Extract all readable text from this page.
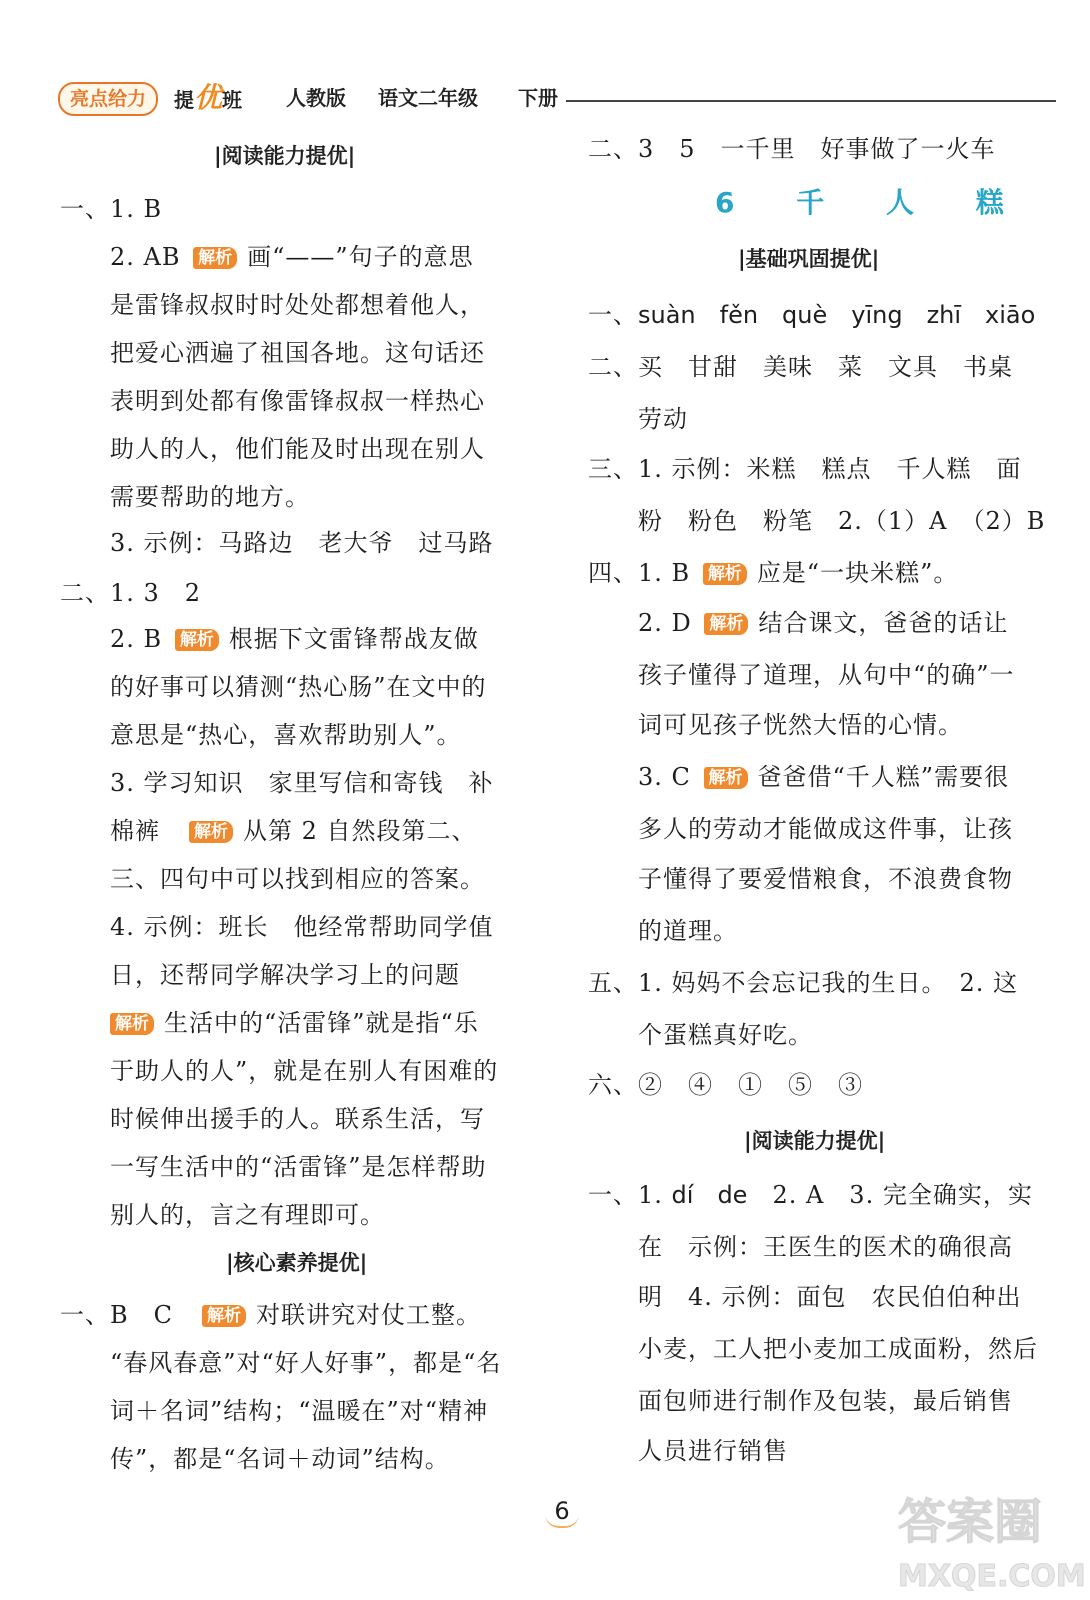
亮点给力	提优班 人教版 语文二年级 下册
|阅读能力提优|
一、1. B
2. AB 解析 画“——”句子的意思
是雷锋叔叔时时处处都想着他人，
把爱心洒遍了祖国各地。这句话还
表明到处都有像雷锋叔叔一样热心
助人的人，他们能及时出现在别人
需要帮助的地方。
3. 示例：马路边　老大爷　过马路
二、1. 3　2
2. B 解析 根据下文雷锋帮战友做
的好事可以猜测“热心肠”在文中的
意思是“热心，喜欢帮助别人”。
3. 学习知识　家里写信和寄钱　补
棉裤　 解析 从第 2 自然段第二、
三、四句中可以找到相应的答案。
4. 示例：班长　他经常帮助同学值
日，还帮同学解决学习上的问题
解析 生活中的“活雷锋”就是指“乐
于助人的人”，就是在别人有困难的
时候伸出援手的人。联系生活，写
一写生活中的“活雷锋”是怎样帮助
别人的，言之有理即可。
|核心素养提优|
一、B　C　 解析 对联讲究对仗工整。
“春风春意”对“好人好事”，都是“名
词＋名词”结构；“温暖在”对“精神
传”，都是“名词＋动词”结构。
二、3　5　一千里　好事做了一火车
6 千 人 糕
|基础巩固提优|
一、suàn　fěn　què　yīng　zhī　xiāo
二、买　甘甜　美味　菜　文具　书桌
劳动
三、1. 示例：米糕　糕点　千人糕　面
粉　粉色　粉笔　2.（1）A　（2）B
四、1. B 解析 应是“一块米糕”。
2. D 解析 结合课文，爸爸的话让
孩子懂得了道理，从句中“的确”一
词可见孩子恍然大悟的心情。
3. C 解析 爸爸借“千人糕”需要很
多人的劳动才能做成这件事，让孩
子懂得了要爱惜粮食，不浪费食物
的道理。
五、1. 妈妈不会忘记我的生日。　2. 这
个蛋糕真好吃。
六、②　④　①　⑤　③
|阅读能力提优|
一、1. dí　de　 2. A　3. 完全确实，实
在　示例：王医生的医术的确很高
明　4. 示例：面包　农民伯伯种出
小麦，工人把小麦加工成面粉，然后
面包师进行制作及包装，最后销售
人员进行销售
6	答案圈
MXQE.COM
